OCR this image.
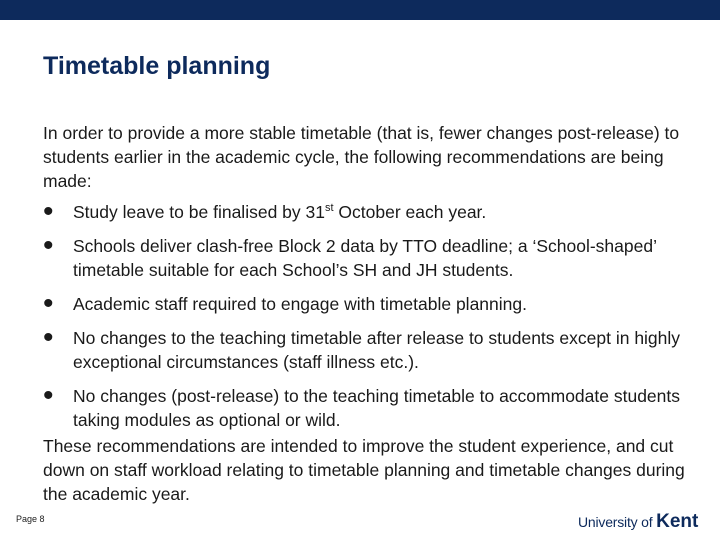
Timetable planning

In order to provide a more stable timetable (that is, fewer changes post-release) to students earlier in the academic cycle, the following recommendations are being made:

• Study leave to be finalised by 31st October each year.
• Schools deliver clash-free Block 2 data by TTO deadline; a ‘School-shaped’ timetable suitable for each School’s SH and JH students.
• Academic staff required to engage with timetable planning.
• No changes to the teaching timetable after release to students except in highly exceptional circumstances (staff illness etc.).
• No changes (post-release) to the teaching timetable to accommodate students taking modules as optional or wild.

These recommendations are intended to improve the student experience, and cut down on staff workload relating to timetable planning and timetable changes during the academic year.

Page 8	University of Kent
